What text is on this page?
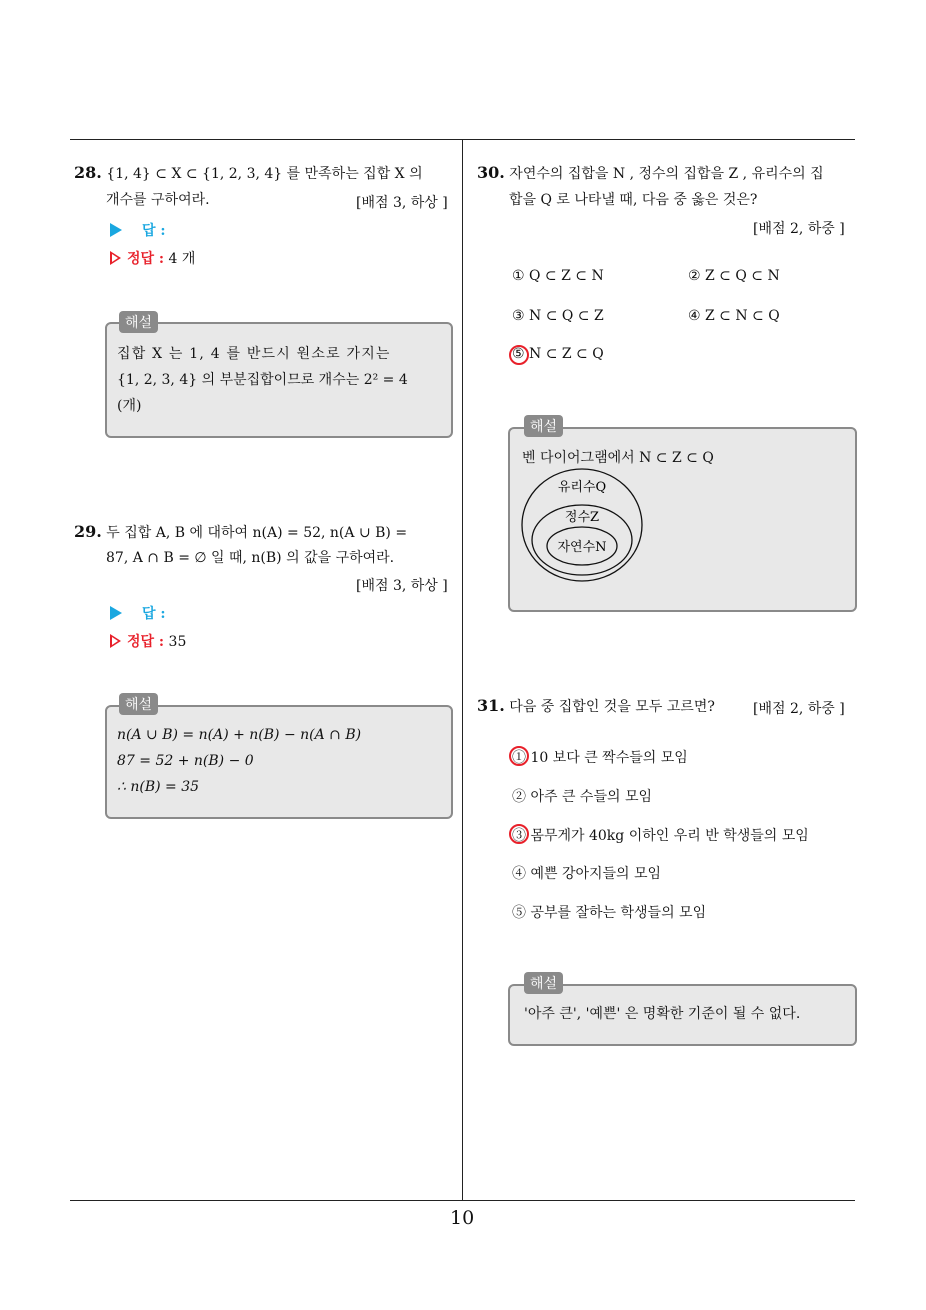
10
28. {1, 4} ⊂ X ⊂ {1, 2, 3, 4} 를 만족하는 집합 X 의
개수를 구하여라.	[배점 3, 하상 ]
답 :
정답 : 4 개
해설
집합 X 는 1, 4 를 반드시 원소로 가지는
{1, 2, 3, 4} 의 부분집합이므로 개수는 2² = 4
(개)
29. 두 집합 A, B 에 대하여 n(A) = 52, n(A ∪ B) =
87, A ∩ B = ∅ 일 때, n(B) 의 값을 구하여라.
[배점 3, 하상 ]
답 :
정답 : 35
해설
n(A ∪ B) = n(A) + n(B) − n(A ∩ B)
87 = 52 + n(B) − 0
∴ n(B) = 35
30. 자연수의 집합을 N , 정수의 집합을 Z , 유리수의 집
합을 Q 로 나타낼 때, 다음 중 옳은 것은?
[배점 2, 하중 ]
① Q ⊂ Z ⊂ N	② Z ⊂ Q ⊂ N
③ N ⊂ Q ⊂ Z	④ Z ⊂ N ⊂ Q
⑤ N ⊂ Z ⊂ Q
해설
벤 다이어그램에서 N ⊂ Z ⊂ Q
유리수Q
정수Z
자연수N
31. 다음 중 집합인 것을 모두 고르면?	[배점 2, 하중 ]
① 10 보다 큰 짝수들의 모임
② 아주 큰 수들의 모임
③ 몸무게가 40kg 이하인 우리 반 학생들의 모임
④ 예쁜 강아지들의 모임
⑤ 공부를 잘하는 학생들의 모임
해설
'아주 큰', '예쁜' 은 명확한 기준이 될 수 없다.
